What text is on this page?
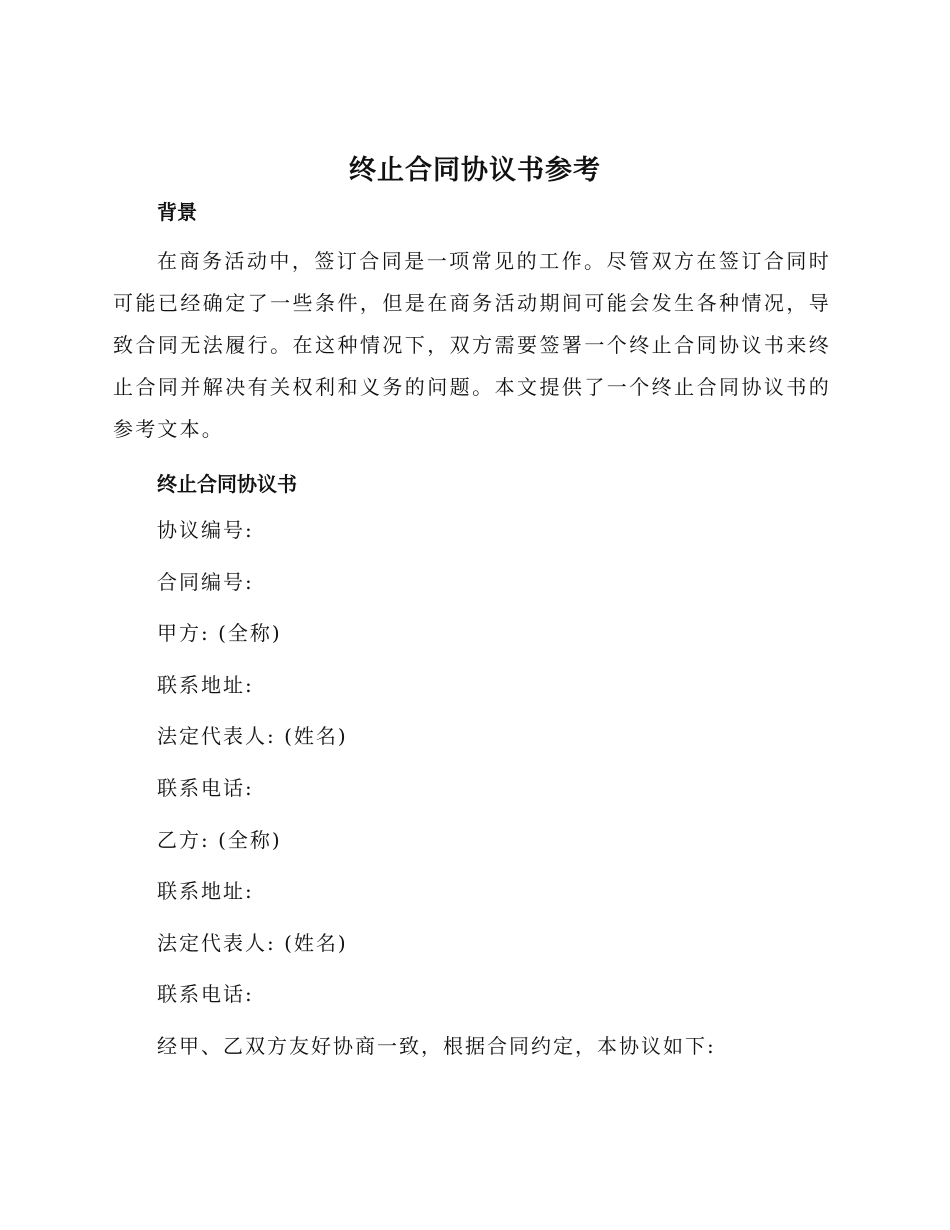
终止合同协议书参考
背景

在商务活动中，签订合同是一项常见的工作。尽管双方在签订合同时可能已经确定了一些条件，但是在商务活动期间可能会发生各种情况，导致合同无法履行。在这种情况下，双方需要签署一个终止合同协议书来终止合同并解决有关权利和义务的问题。本文提供了一个终止合同协议书的参考文本。

终止合同协议书
协议编号:
合同编号:
甲方: (全称)
联系地址:
法定代表人: (姓名)
联系电话:
乙方: (全称)
联系地址:
法定代表人: (姓名)
联系电话:
经甲、乙双方友好协商一致，根据合同约定，本协议如下:
